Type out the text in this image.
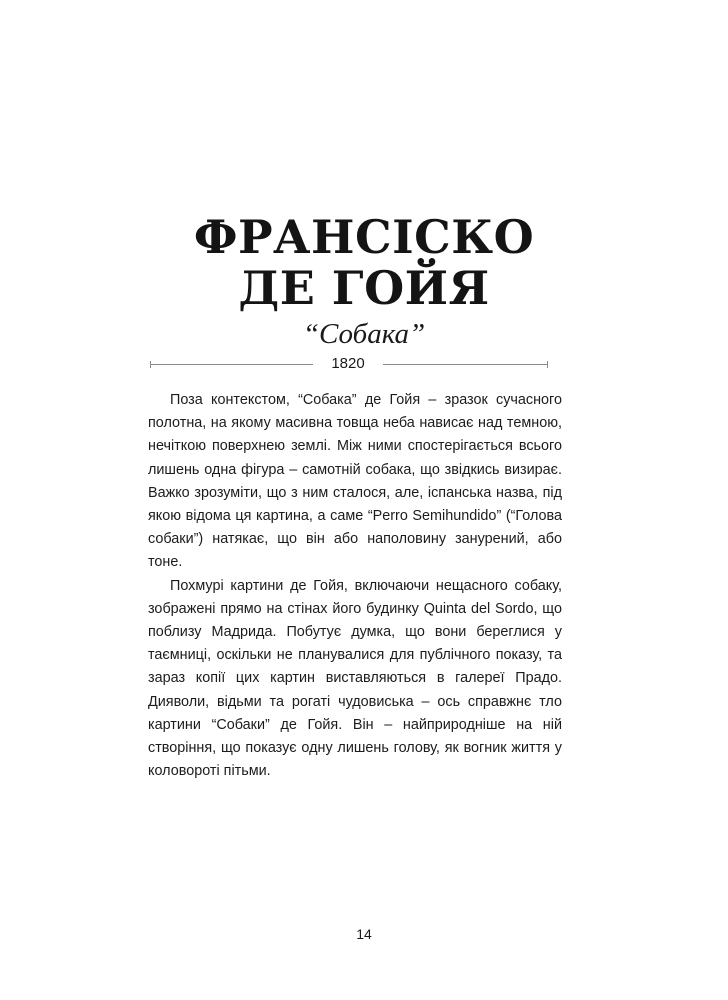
ФРАНСІСКО
ДЕ ГОЙЯ
“Собака”
1820

Поза контекстом, “Собака” де Гойя – зразок сучасного полотна, на якому масивна товща неба нависає над темною, нечіткою поверхнею землі. Між ними спостерігається всього лишень одна фігура – самотній собака, що звідкись визирає. Важко зрозуміти, що з ним сталося, але, іспанська назва, під якою відома ця картина, а саме “Perro Semihundido” (“Голова собаки”) натякає, що він або наполовину занурений, або тоне.

Похмурі картини де Гойя, включаючи нещасного собаку, зображені прямо на стінах його будинку Quinta del Sordo, що поблизу Мадрида. Побутує думка, що вони береглися у таємниці, оскільки не планувалися для публічного показу, та зараз копії цих картин виставляються в галереї Прадо. Дияволи, відьми та рогаті чудовиська – ось справжнє тло картини “Собаки” де Гойя. Він – найприродніше на ній створіння, що показує одну лишень голову, як вогник життя у коловороті пітьми.

14
